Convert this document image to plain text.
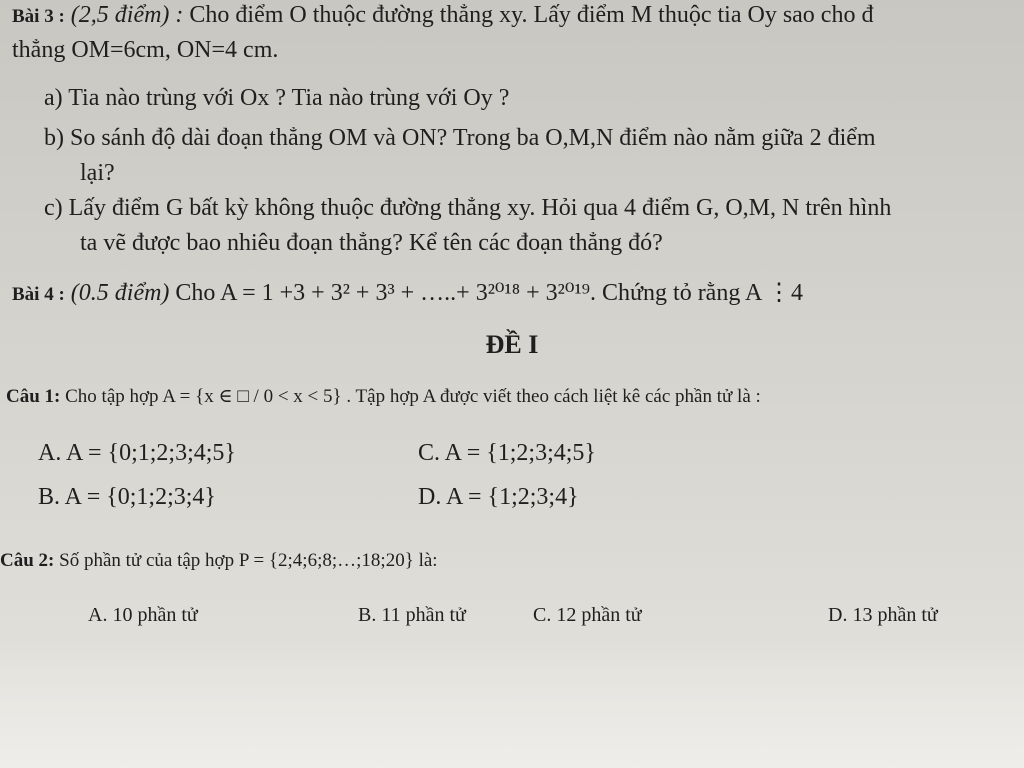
Bài 3 : (2,5 điểm) : Cho điểm O thuộc đường thẳng xy. Lấy điểm M thuộc tia Oy sao cho đ
thẳng OM=6cm, ON=4 cm.
a) Tia nào trùng với Ox ? Tia nào trùng với Oy ?
b) So sánh độ dài đoạn thẳng OM và ON? Trong ba O,M,N điểm nào nằm giữa 2 điểm
lại?
c) Lấy điểm G bất kỳ không thuộc đường thẳng xy. Hỏi qua 4 điểm G, O,M, N trên hình
ta vẽ được bao nhiêu đoạn thẳng? Kể tên các đoạn thẳng đó?
Bài 4 : (0.5 điểm) Cho A = 1 +3 + 3² + 3³ + …..+ 3²⁰¹⁸ + 3²⁰¹⁹. Chứng tỏ rằng A ⋮4
ĐỀ I
Câu 1: Cho tập hợp A = {x ∈ □ / 0 < x < 5} . Tập hợp A được viết theo cách liệt kê các phần tử là :
A. A = {0;1;2;3;4;5}	C. A = {1;2;3;4;5}
B. A = {0;1;2;3;4}	D. A = {1;2;3;4}
Câu 2: Số phần tử của tập hợp P = {2;4;6;8;…;18;20} là:
A. 10 phần tử	B. 11 phần tử	C. 12 phần tử	D. 13 phần tử
